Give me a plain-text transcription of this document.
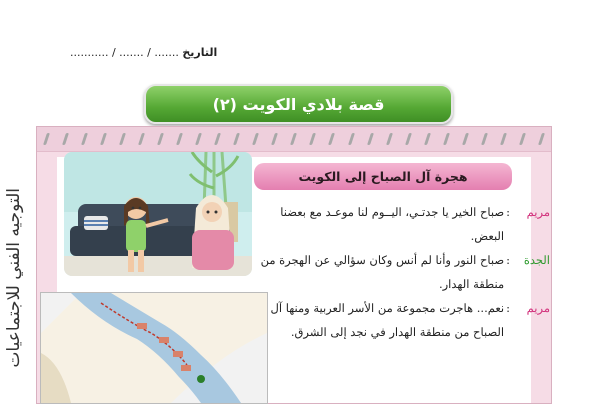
التاريخ ....... / ....... / ...........
قصة بلادي الكويت (٢)
التوجيه الفني للاجتماعيات
هجرة آل الصباح إلى الكويت
مريم
:
صباح الخير يا جدتـي، اليــوم لنا موعـد مع بعضنا البعض.
الجدة
:
صباح النور وأنا لم أنس وكان سؤالي عن الهجرة من منطقة الهدار.
مريم
:
نعم... هاجرت مجموعة من الأسر العربية ومنها آل الصباح من منطقة الهدار في نجد إلى الشرق.
